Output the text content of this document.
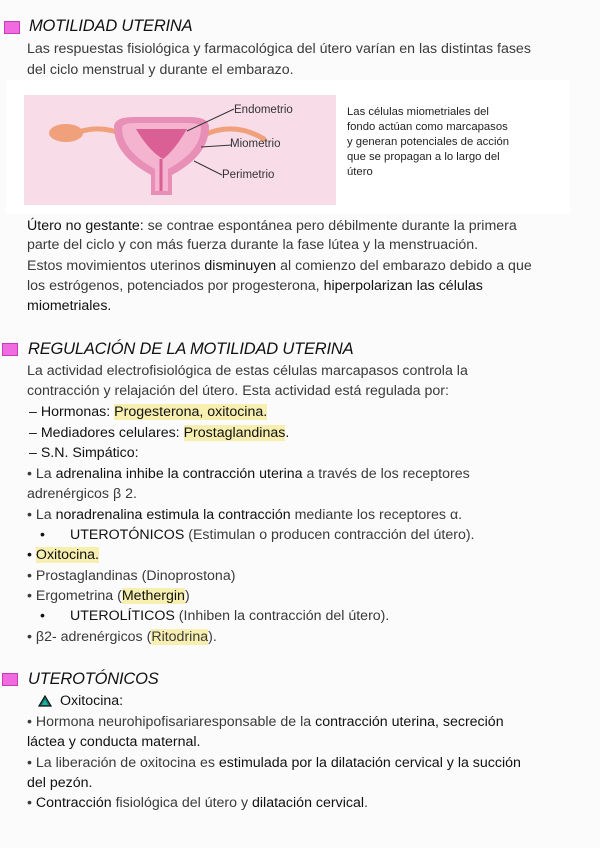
MOTILIDAD UTERINA
Las respuestas fisiológica y farmacológica del útero varían en las distintas fases
del ciclo menstrual y durante el embarazo.
Endometrio
Miometrio
Perimetrio
Las células miometriales del
fondo actúan como marcapasos
y generan potenciales de acción
que se propagan a lo largo del
útero
Útero no gestante: se contrae espontánea pero débilmente durante la primera
parte del ciclo y con más fuerza durante la fase lútea y la menstruación.
Estos movimientos uterinos disminuyen al comienzo del embarazo debido a que
los estrógenos, potenciados por progesterona, hiperpolarizan las células
miometriales.
REGULACIÓN DE LA MOTILIDAD UTERINA
La actividad electrofisiológica de estas células marcapasos controla la
contracción y relajación del útero. Esta actividad está regulada por:
– Hormonas: Progesterona, oxitocina.
– Mediadores celulares: Prostaglandinas.
– S.N. Simpático:
• La adrenalina inhibe la contracción uterina a través de los receptores
adrenérgicos β 2.
• La noradrenalina estimula la contracción mediante los receptores α.
• UTEROTÓNICOS (Estimulan o producen contracción del útero).
• Oxitocina.
• Prostaglandinas (Dinoprostona)
• Ergometrina (Methergin)
• UTEROLÍTICOS (Inhiben la contracción del útero).
• β2- adrenérgicos (Ritodrina).
UTEROTÓNICOS
Oxitocina:
• Hormona neurohipofisariaresponsable de la contracción uterina, secreción
láctea y conducta maternal.
• La liberación de oxitocina es estimulada por la dilatación cervical y la succión
del pezón.
• Contracción fisiológica del útero y dilatación cervical.
